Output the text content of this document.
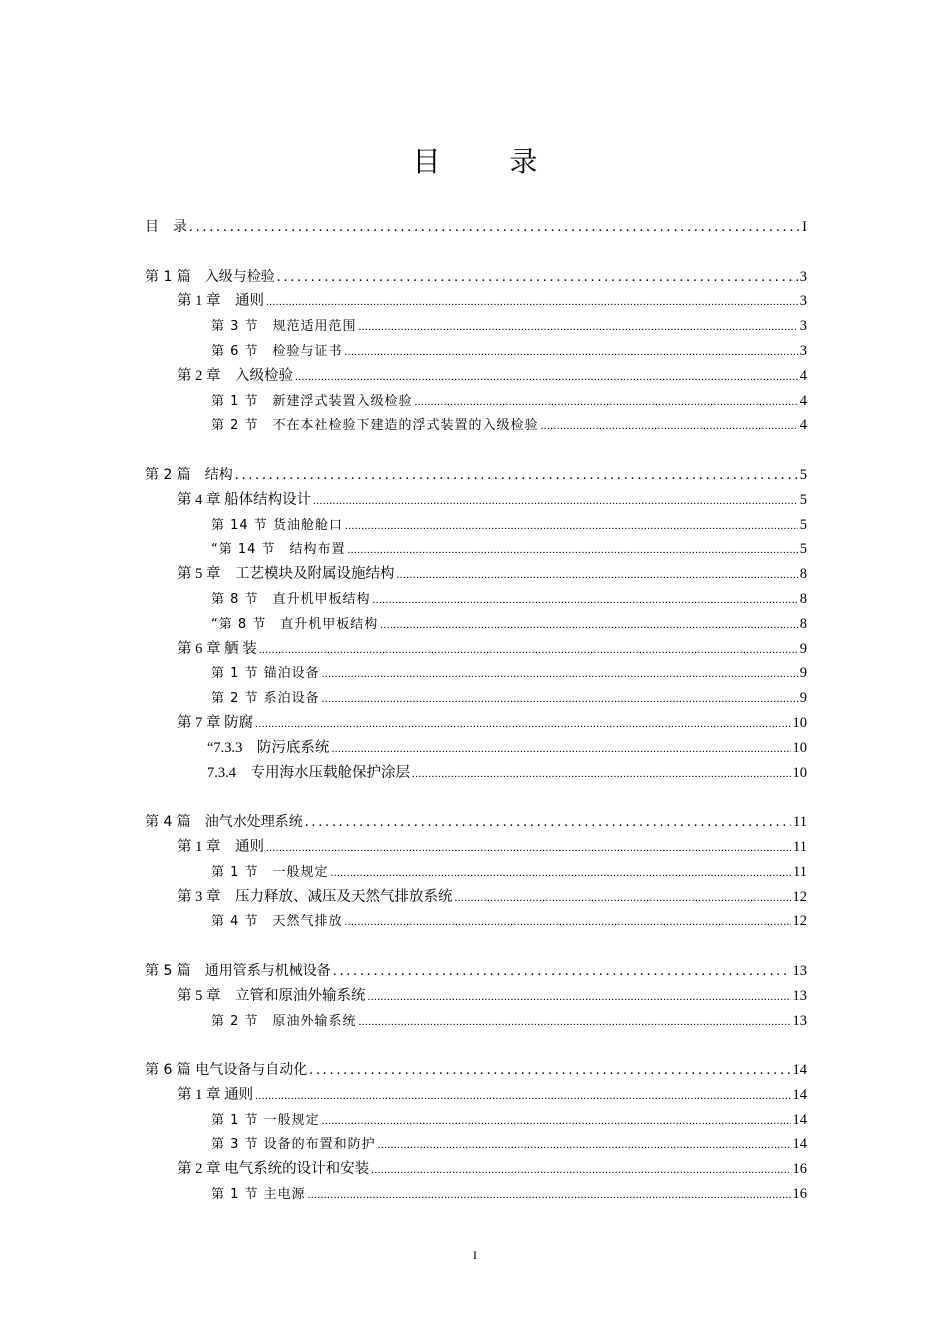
目 录
目　录 .....	I
第 1 篇　入级与检验 .....	3
第 1 章　通则 .....	3
第 3 节　规范适用范围 .....	3
第 6 节　检验与证书 .....	3
第 2 章　入级检验 .....	4
第 1 节　新建浮式装置入级检验 .....	4
第 2 节　不在本社检验下建造的浮式装置的入级检验 .....	4
第 2 篇　结构 .....	5
第 4 章 船体结构设计 .....	5
第 14 节 货油舱舱口 .....	5
“第 14 节　结构布置 .....	5
第 5 章　工艺模块及附属设施结构 .....	8
第 8 节　直升机甲板结构 .....	8
“第 8 节　直升机甲板结构 .....	8
第 6 章 舾 装 .....	9
第 1 节 锚泊设备 .....	9
第 2 节 系泊设备 .....	9
第 7 章 防腐 .....	10
“7.3.3　防污底系统 .....	10
7.3.4　专用海水压载舱保护涂层 .....	10
第 4 篇　油气水处理系统 .....	11
第 1 章　通则 .....	11
第 1 节　一般规定 .....	11
第 3 章　压力释放、减压及天然气排放系统 .....	12
第 4 节　天然气排放 .....	12
第 5 篇　通用管系与机械设备 .....	13
第 5 章　立管和原油外输系统 .....	13
第 2 节　原油外输系统 .....	13
第 6 篇 电气设备与自动化 .....	14
第 1 章 通则 .....	14
第 1 节 一般规定 .....	14
第 3 节 设备的布置和防护 .....	14
第 2 章 电气系统的设计和安装 .....	16
第 1 节 主电源 .....	16
I
